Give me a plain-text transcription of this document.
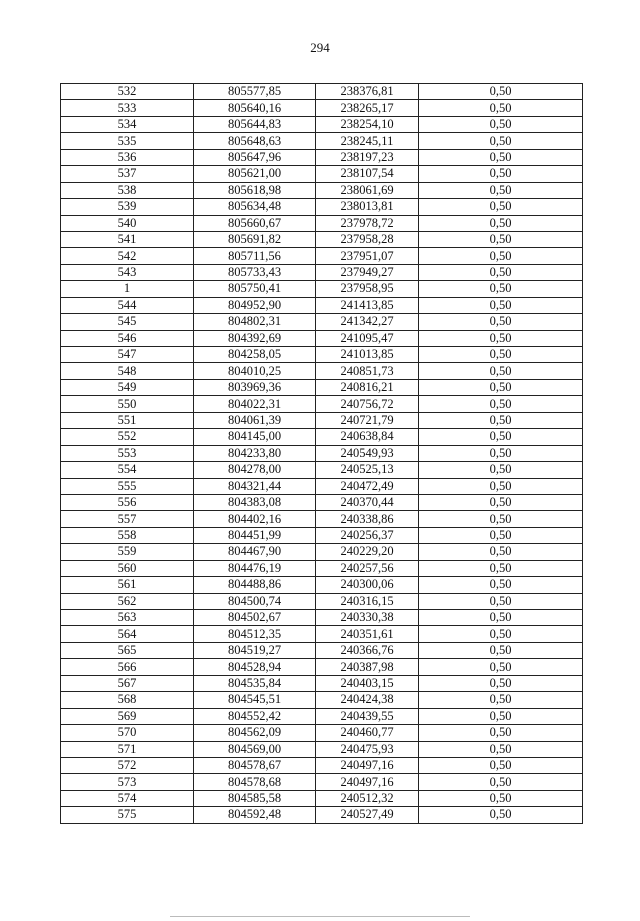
294
532	805577,85	238376,81	0,50
533	805640,16	238265,17	0,50
534	805644,83	238254,10	0,50
535	805648,63	238245,11	0,50
536	805647,96	238197,23	0,50
537	805621,00	238107,54	0,50
538	805618,98	238061,69	0,50
539	805634,48	238013,81	0,50
540	805660,67	237978,72	0,50
541	805691,82	237958,28	0,50
542	805711,56	237951,07	0,50
543	805733,43	237949,27	0,50
1	805750,41	237958,95	0,50
544	804952,90	241413,85	0,50
545	804802,31	241342,27	0,50
546	804392,69	241095,47	0,50
547	804258,05	241013,85	0,50
548	804010,25	240851,73	0,50
549	803969,36	240816,21	0,50
550	804022,31	240756,72	0,50
551	804061,39	240721,79	0,50
552	804145,00	240638,84	0,50
553	804233,80	240549,93	0,50
554	804278,00	240525,13	0,50
555	804321,44	240472,49	0,50
556	804383,08	240370,44	0,50
557	804402,16	240338,86	0,50
558	804451,99	240256,37	0,50
559	804467,90	240229,20	0,50
560	804476,19	240257,56	0,50
561	804488,86	240300,06	0,50
562	804500,74	240316,15	0,50
563	804502,67	240330,38	0,50
564	804512,35	240351,61	0,50
565	804519,27	240366,76	0,50
566	804528,94	240387,98	0,50
567	804535,84	240403,15	0,50
568	804545,51	240424,38	0,50
569	804552,42	240439,55	0,50
570	804562,09	240460,77	0,50
571	804569,00	240475,93	0,50
572	804578,67	240497,16	0,50
573	804578,68	240497,16	0,50
574	804585,58	240512,32	0,50
575	804592,48	240527,49	0,50
